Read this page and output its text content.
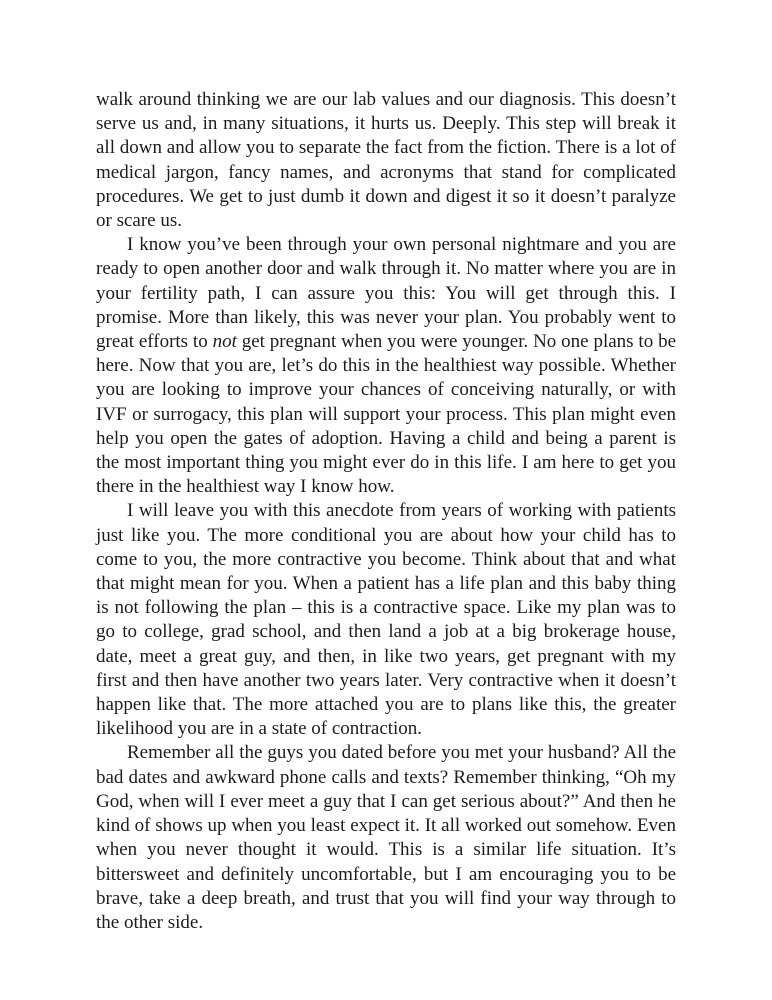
walk around thinking we are our lab values and our diagnosis. This doesn’t serve us and, in many situations, it hurts us. Deeply. This step will break it all down and allow you to separate the fact from the fiction. There is a lot of medical jargon, fancy names, and acronyms that stand for complicated procedures. We get to just dumb it down and digest it so it doesn’t paralyze or scare us.

I know you’ve been through your own personal nightmare and you are ready to open another door and walk through it. No matter where you are in your fertility path, I can assure you this: You will get through this. I promise. More than likely, this was never your plan. You probably went to great efforts to not get pregnant when you were younger. No one plans to be here. Now that you are, let’s do this in the healthiest way possible. Whether you are looking to improve your chances of conceiving naturally, or with IVF or surrogacy, this plan will support your process. This plan might even help you open the gates of adoption. Having a child and being a parent is the most important thing you might ever do in this life. I am here to get you there in the healthiest way I know how.

I will leave you with this anecdote from years of working with patients just like you. The more conditional you are about how your child has to come to you, the more contractive you become. Think about that and what that might mean for you. When a patient has a life plan and this baby thing is not following the plan – this is a contractive space. Like my plan was to go to college, grad school, and then land a job at a big brokerage house, date, meet a great guy, and then, in like two years, get pregnant with my first and then have another two years later. Very contractive when it doesn’t happen like that. The more attached you are to plans like this, the greater likelihood you are in a state of contraction.

Remember all the guys you dated before you met your husband? All the bad dates and awkward phone calls and texts? Remember thinking, “Oh my God, when will I ever meet a guy that I can get serious about?” And then he kind of shows up when you least expect it. It all worked out somehow. Even when you never thought it would. This is a similar life situation. It’s bittersweet and definitely uncomfortable, but I am encouraging you to be brave, take a deep breath, and trust that you will find your way through to the other side.
